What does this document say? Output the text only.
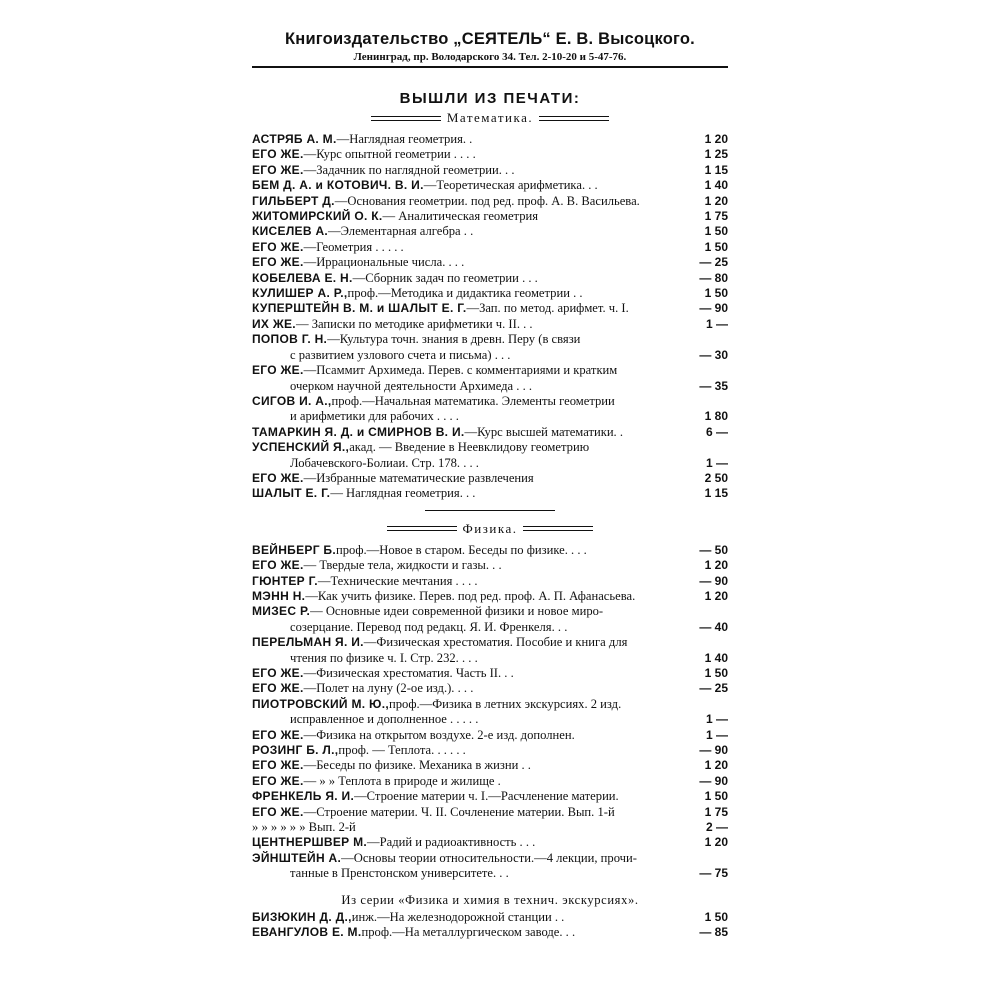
Книгоиздательство „СЕЯТЕЛЬ“ Е. В. Высоцкого.
Ленинград, пр. Володарского 34. Тел. 2-10-20 и 5-47-76.
ВЫШЛИ ИЗ ПЕЧАТИ:
Математика.
АСТРЯБ А. М.—Наглядная геометрия. .	1 20
ЕГО ЖЕ.—Курс опытной геометрии . . . .	1 25
ЕГО ЖЕ.—Задачник по наглядной геометрии. . .	1 15
БЕМ Д. А. и КОТОВИЧ. В. И.—Теоретическая арифметика. . .	1 40
ГИЛЬБЕРТ Д.—Основания геометрии. под ред. проф. А. В. Васильева.	1 20
ЖИТОМИРСКИЙ О. К.— Аналитическая геометрия	1 75
КИСЕЛЕВ А.—Элементарная алгебра . .	1 50
ЕГО ЖЕ.—Геометрия . . . . .	1 50
ЕГО ЖЕ.—Иррациональные числа. . . .	— 25
КОБЕЛЕВА Е. Н.—Сборник задач по геометрии . . .	— 80
КУЛИШЕР А. Р.,проф.—Методика и дидактика геометрии . .	1 50
КУПЕРШТЕЙН В. М. и ШАЛЫТ Е. Г.—Зап. по метод. арифмет. ч. I.	— 90
ИХ ЖЕ.— Записки по методике арифметики ч. II. . .	1 —
ПОПОВ Г. Н.—Культура точн. знания в древн. Перу (в связи
с развитием узлового счета и письма) . . .	— 30
ЕГО ЖЕ.—Псаммит Архимеда. Перев. с комментариями и кратким
очерком научной деятельности Архимеда . . .	— 35
СИГОВ И. А.,проф.—Начальная математика. Элементы геометрии
и арифметики для рабочих . . . .	1 80
ТАМАРКИН Я. Д. и СМИРНОВ В. И.—Курс высшей математики. .	6 —
УСПЕНСКИЙ Я.,акад. — Введение в Неевклидову геометрию
Лобачевского-Болиаи. Стр. 178. . . .	1 —
ЕГО ЖЕ.—Избранные математические развлечения	2 50
ШАЛЫТ Е. Г.— Наглядная геометрия. . .	1 15
Физика.
ВЕЙНБЕРГ Б.проф.—Новое в старом. Беседы по физике. . . .	— 50
ЕГО ЖЕ.— Твердые тела, жидкости и газы. . .	1 20
ГЮНТЕР Г.—Технические мечтания . . . .	— 90
МЭНН Н.—Как учить физике. Перев. под ред. проф. А. П. Афанасьева.	1 20
МИЗЕС Р.— Основные идеи современной физики и новое миро-
созерцание. Перевод под редакц. Я. И. Френкеля. . .	— 40
ПЕРЕЛЬМАН Я. И.—Физическая хрестоматия. Пособие и книга для
чтения по физике ч. I. Стр. 232. . . .	1 40
ЕГО ЖЕ.—Физическая хрестоматия. Часть II. . .	1 50
ЕГО ЖЕ.—Полет на луну (2-ое изд.). . . .	— 25
ПИОТРОВСКИЙ М. Ю.,проф.—Физика в летних экскурсиях. 2 изд.
исправленное и дополненное . . . . .	1 —
ЕГО ЖЕ.—Физика на открытом воздухе. 2-е изд. дополнен.	1 —
РОЗИНГ Б. Л.,проф. — Теплота. . . . . .	— 90
ЕГО ЖЕ.—Беседы по физике. Механика в жизни . .	1 20
ЕГО ЖЕ.— » » Теплота в природе и жилище .	— 90
ФРЕНКЕЛЬ Я. И.—Строение материи ч. I.—Расчленение материи.	1 50
ЕГО ЖЕ.—Строение материи. Ч. II. Сочленение материи. Вып. 1-й	1 75
» » » » » » Вып. 2-й	2 —
ЦЕНТНЕРШВЕР М.—Радий и радиоактивность . . .	1 20
ЭЙНШТЕЙН А.—Основы теории относительности.—4 лекции, прочи-
танные в Пренстонском университете. . .	— 75
Из серии «Физика и химия в технич. экскурсиях».
БИЗЮКИН Д. Д.,инж.—На железнодорожной станции . .	1 50
ЕВАНГУЛОВ Е. М.проф.—На металлургическом заводе. . .	— 85
